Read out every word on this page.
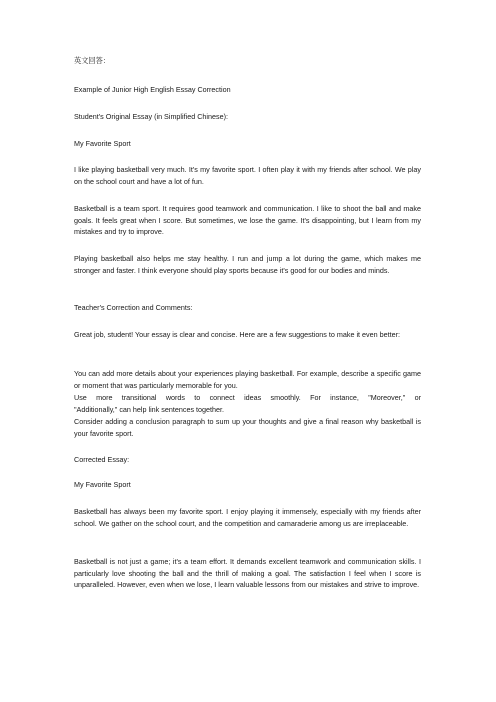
英文回答：

Example of Junior High English Essay Correction

Student's Original Essay (in Simplified Chinese):

My Favorite Sport

I like playing basketball very much. It's my favorite sport. I often play it with my friends after school. We play on the school court and have a lot of fun.

Basketball is a team sport. It requires good teamwork and communication. I like to shoot the ball and make goals. It feels great when I score. But sometimes, we lose the game. It's disappointing, but I learn from my mistakes and try to improve.

Playing basketball also helps me stay healthy. I run and jump a lot during the game, which makes me stronger and faster. I think everyone should play sports because it's good for our bodies and minds.

Teacher's Correction and Comments:

Great job, student! Your essay is clear and concise. Here are a few suggestions to make it even better:

You can add more details about your experiences playing basketball. For example, describe a specific game or moment that was particularly memorable for you.

Use more transitional words to connect ideas smoothly. For instance, "Moreover," or

"Additionally," can help link sentences together.

Consider adding a conclusion paragraph to sum up your thoughts and give a final reason why basketball is your favorite sport.

Corrected Essay:

My Favorite Sport

Basketball has always been my favorite sport. I enjoy playing it immensely, especially with my friends after school. We gather on the school court, and the competition and camaraderie among us are irreplaceable.

Basketball is not just a game; it's a team effort. It demands excellent teamwork and communication skills. I particularly love shooting the ball and the thrill of making a goal. The satisfaction I feel when I score is unparalleled. However, even when we lose, I learn valuable lessons from our mistakes and strive to improve.
